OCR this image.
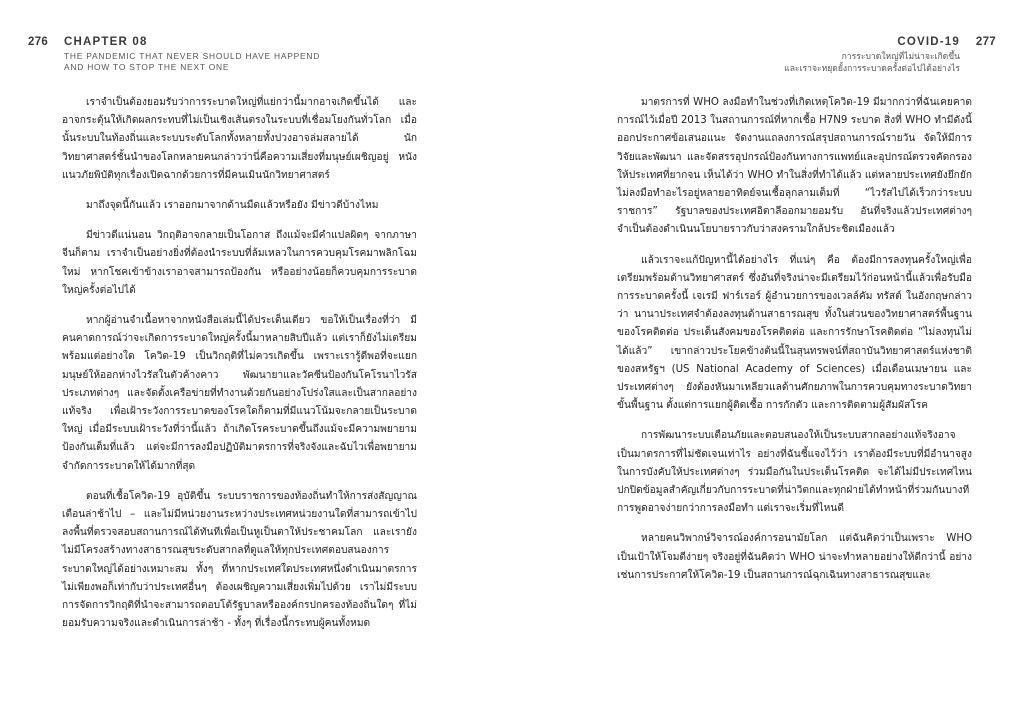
276 CHAPTER 08
THE PANDEMIC THAT NEVER SHOULD HAVE HAPPEND
AND HOW TO STOP THE NEXT ONE

เราจำเป็นต้องยอมรับว่าการระบาดใหญ่ที่แย่กว่านี้มากอาจเกิดขึ้นได้ และอาจกระตุ้นให้เกิดผลกระทบที่ไม่เป็นเชิงเส้นตรงในระบบที่เชื่อมโยงกันทั่วโลก เมื่อนั้นระบบในท้องถิ่นและระบบระดับโลกทั้งหลายทั้งปวงอาจล่มสลายได้ นักวิทยาศาสตร์ชั้นนำของโลกหลายคนกล่าวว่านี่คือความเสี่ยงที่มนุษย์เผชิญอยู่ หนังแนวภัยพิบัติทุกเรื่องเปิดฉากด้วยการที่มีคนเมินนักวิทยาศาสตร์

มาถึงจุดนี้กันแล้ว เราออกมาจากด้านมืดแล้วหรือยัง มีข่าวดีบ้างไหม

มีข่าวดีแน่นอน วิกฤติอาจกลายเป็นโอกาส ถึงแม้จะมีคำแปลผิดๆ จากภาษาจีนก็ตาม เราจำเป็นอย่างยิ่งที่ต้องนำระบบที่ล้มเหลวในการควบคุมโรคมาพลิกโฉมใหม่ หากโชคเข้าข้างเราอาจสามารถป้องกัน หรืออย่างน้อยก็ควบคุมการระบาดใหญ่ครั้งต่อไปได้

หากผู้อ่านจำเนื้อหาจากหนังสือเล่มนี้ได้ประเด็นเดียว ขอให้เป็นเรื่องที่ว่า มีคนคาดการณ์ว่าจะเกิดการระบาดใหญ่ครั้งนี้มาหลายสิบปีแล้ว แต่เราก็ยังไม่เตรียมพร้อมแต่อย่างใด โควิด-19 เป็นวิกฤติที่ไม่ควรเกิดขึ้น เพราะเรารู้ดีพอที่จะแยกมนุษย์ให้ออกห่างไวรัสในตัวค้างคาว พัฒนายาและวัคซีนป้องกันโคโรนาไวรัสประเภทต่างๆ และจัดตั้งเครือข่ายที่ทำงานด้วยกันอย่างโปร่งใสและเป็นสากลอย่างแท้จริง เพื่อเฝ้าระวังการระบาดของโรคใดก็ตามที่มีแนวโน้มจะกลายเป็นระบาดใหญ่ เมื่อมีระบบเฝ้าระวังที่ว่านี้แล้ว ถ้าเกิดโรคระบาดขึ้นถึงแม้จะมีความพยายามป้องกันเต็มที่แล้ว แต่จะมีการลงมือปฏิบัติมาตรการที่จริงจังและฉับไวเพื่อพยายามจำกัดการระบาดให้ได้มากที่สุด

ตอนที่เชื้อโควิด-19 อุบัติขึ้น ระบบราชการของท้องถิ่นทำให้การส่งสัญญาณเตือนล่าช้าไป – และไม่มีหน่วยงานระหว่างประเทศหน่วยงานใดที่สามารถเข้าไปลงพื้นที่ตรวจสอบสถานการณ์ได้ทันทีเพื่อเป็นหูเป็นตาให้ประชาคมโลก และเรายังไม่มีโครงสร้างทางสาธารณสุขระดับสากลที่ดูแลให้ทุกประเทศตอบสนองการระบาดใหญ่ได้อย่างเหมาะสม ทั้งๆ ที่หากประเทศใดประเทศหนึ่งดำเนินมาตรการไม่เพียงพอก็เท่ากับว่าประเทศอื่นๆ ต้องเผชิญความเสี่ยงเพิ่มไปด้วย เราไม่มีระบบการจัดการวิกฤติที่นำจะสามารถตอบโต้รัฐบาลหรือองค์กรปกครองท้องถิ่นใดๆ ที่ไม่ยอมรับความจริงและดำเนินการล่าช้า - ทั้งๆ ที่เรื่องนี้กระทบผู้คนทั้งหมด

COVID-19
การระบาดใหญ่ที่ไม่น่าจะเกิดขึ้น
และเราจะหยุดยั้งการระบาดครั้งต่อไปได้อย่างไร
277

มาตรการที่ WHO ลงมือทำในช่วงที่เกิดเหตุโควิด-19 มีมากกว่าที่ฉันเคยคาดการณ์ไว้เมื่อปี 2013 ในสถานการณ์ที่หากเชื้อ H7N9 ระบาด สิ่งที่ WHO ทำมีดังนี้ ออกประกาศข้อเสนอแนะ จัดงานแถลงการณ์สรุปสถานการณ์รายวัน จัดให้มีการวิจัยและพัฒนา และจัดสรรอุปกรณ์ป้องกันทางการแพทย์และอุปกรณ์ตรวจคัดกรองให้ประเทศที่ยากจน เห็นได้ว่า WHO ทำในสิ่งที่ทำได้แล้ว แต่หลายประเทศยังยึกยักไม่ลงมือทำอะไรอยู่หลายอาทิตย์จนเชื้อลุกลามเต็มที่ “ไวรัสไปได้เร็วกว่าระบบราชการ” รัฐบาลของประเทศอิตาลีออกมายอมรับ อันที่จริงแล้วประเทศต่างๆ จำเป็นต้องดำเนินนโยบายราวกับว่าสงครามใกล้ประชิดเมืองแล้ว

แล้วเราจะแก้ปัญหานี้ได้อย่างไร ที่แน่ๆ คือ ต้องมีการลงทุนครั้งใหญ่เพื่อเตรียมพร้อมด้านวิทยาศาสตร์ ซึ่งอันที่จริงน่าจะมีเตรียมไว้ก่อนหน้านี้แล้วเพื่อรับมือการระบาดครั้งนี้ เจเรมี ฟาร์เรอร์ ผู้อำนวยการของเวลล์คัม ทรัสต์ ในอังกฤษกล่าวว่า นานาประเทศจำต้องลงทุนด้านสาธารณสุข ทั้งในส่วนของวิทยาศาสตร์พื้นฐานของโรคติดต่อ ประเด็นสังคมของโรคติดต่อ และการรักษาโรคติดต่อ “ไม่ลงทุนไม่ได้แล้ว” เขากล่าวประโยคข้างต้นนี้ในสุนทรพจน์ที่สถาบันวิทยาศาสตร์แห่งชาติของสหรัฐฯ (US National Academy of Sciences) เมื่อเดือนเมษายน และประเทศต่างๆ ยังต้องหันมาเหลียวแลด้านศักยภาพในการควบคุมทางระบาดวิทยาขั้นพื้นฐาน ตั้งแต่การแยกผู้ติดเชื้อ การกักตัว และการติดตามผู้สัมผัสโรค

การพัฒนาระบบเตือนภัยและตอบสนองให้เป็นระบบสากลอย่างแท้จริงอาจเป็นมาตรการที่ไม่ชัดเจนเท่าไร อย่างที่ฉันชี้แจงไว้ว่า เราต้องมีระบบที่มีอำนาจสูงในการบังคับให้ประเทศต่างๆ ร่วมมือกันในประเด็นโรคติด จะได้ไม่มีประเทศไหนปกปิดข้อมูลสำคัญเกี่ยวกับการระบาดที่น่าวิตกและทุกฝ่ายได้ทำหน้าที่ร่วมกันบางทีการพูดอาจง่ายกว่าการลงมือทำ แต่เราจะเริ่มที่ไหนดี

หลายคนวิพากษ์วิจารณ์องค์การอนามัยโลก แต่ฉันคิดว่าเป็นเพราะ WHO เป็นเป้าให้โจมตีง่ายๆ จริงอยู่ที่ฉันคิดว่า WHO น่าจะทำหลายอย่างให้ดีกว่านี้ อย่างเช่นการประกาศให้โควิด-19 เป็นสถานการณ์ฉุกเฉินทางสาธารณสุขและ
